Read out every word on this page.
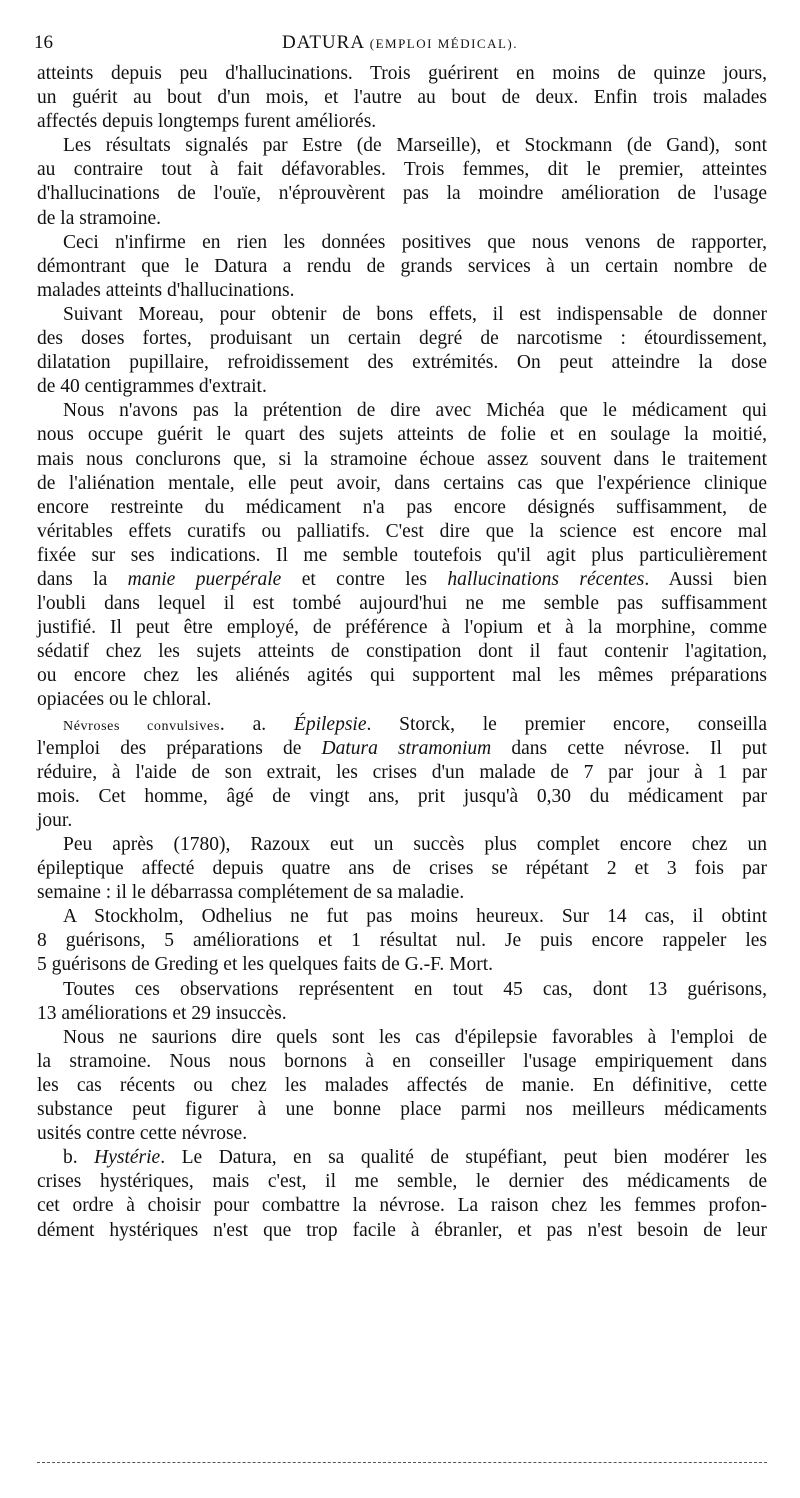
16	DATURA (EMPLOI MÉDICAL).
atteints depuis peu d'hallucinations. Trois guérirent en moins de quinze jours,
un guérit au bout d'un mois, et l'autre au bout de deux. Enfin trois malades
affectés depuis longtemps furent améliorés.
Les résultats signalés par Estre (de Marseille), et Stockmann (de Gand), sont
au contraire tout à fait défavorables. Trois femmes, dit le premier, atteintes
d'hallucinations de l'ouïe, n'éprouvèrent pas la moindre amélioration de l'usage
de la stramoine.
Ceci n'infirme en rien les données positives que nous venons de rapporter,
démontrant que le Datura a rendu de grands services à un certain nombre de
malades atteints d'hallucinations.
Suivant Moreau, pour obtenir de bons effets, il est indispensable de donner
des doses fortes, produisant un certain degré de narcotisme : étourdissement,
dilatation pupillaire, refroidissement des extrémités. On peut atteindre la dose
de 40 centigrammes d'extrait.
Nous n'avons pas la prétention de dire avec Michéa que le médicament qui
nous occupe guérit le quart des sujets atteints de folie et en soulage la moitié,
mais nous conclurons que, si la stramoine échoue assez souvent dans le traitement
de l'aliénation mentale, elle peut avoir, dans certains cas que l'expérience clinique
encore restreinte du médicament n'a pas encore désignés suffisamment, de
véritables effets curatifs ou palliatifs. C'est dire que la science est encore mal
fixée sur ses indications. Il me semble toutefois qu'il agit plus particulièrement
dans la manie puerpérale et contre les hallucinations récentes. Aussi bien
l'oubli dans lequel il est tombé aujourd'hui ne me semble pas suffisamment
justifié. Il peut être employé, de préférence à l'opium et à la morphine, comme
sédatif chez les sujets atteints de constipation dont il faut contenir l'agitation,
ou encore chez les aliénés agités qui supportent mal les mêmes préparations
opiacées ou le chloral.
Névroses convulsives. a. Épilepsie. Storck, le premier encore, conseilla
l'emploi des préparations de Datura stramonium dans cette névrose. Il put
réduire, à l'aide de son extrait, les crises d'un malade de 7 par jour à 1 par
mois. Cet homme, âgé de vingt ans, prit jusqu'à 0,30 du médicament par
jour.
Peu après (1780), Razoux eut un succès plus complet encore chez un
épileptique affecté depuis quatre ans de crises se répétant 2 et 3 fois par
semaine : il le débarrassa complétement de sa maladie.
A Stockholm, Odhelius ne fut pas moins heureux. Sur 14 cas, il obtint
8 guérisons, 5 améliorations et 1 résultat nul. Je puis encore rappeler les
5 guérisons de Greding et les quelques faits de G.-F. Mort.
Toutes ces observations représentent en tout 45 cas, dont 13 guérisons,
13 améliorations et 29 insuccès.
Nous ne saurions dire quels sont les cas d'épilepsie favorables à l'emploi de
la stramoine. Nous nous bornons à en conseiller l'usage empiriquement dans
les cas récents ou chez les malades affectés de manie. En définitive, cette
substance peut figurer à une bonne place parmi nos meilleurs médicaments
usités contre cette névrose.
b. Hystérie. Le Datura, en sa qualité de stupéfiant, peut bien modérer les
crises hystériques, mais c'est, il me semble, le dernier des médicaments de
cet ordre à choisir pour combattre la névrose. La raison chez les femmes profon-
dément hystériques n'est que trop facile à ébranler, et pas n'est besoin de leur
